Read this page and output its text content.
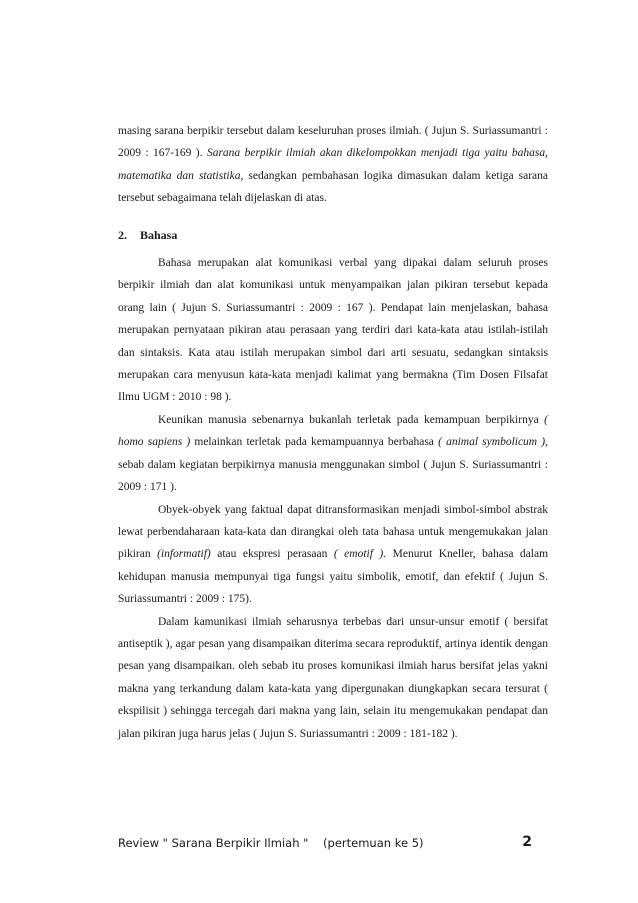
masing sarana berpikir tersebut dalam keseluruhan proses ilmiah. ( Jujun S. Suriassumantri : 2009 : 167-169 ). Sarana berpikir ilmiah akan dikelompokkan menjadi tiga yaitu bahasa, matematika dan statistika, sedangkan pembahasan logika dimasukan dalam ketiga sarana tersebut sebagaimana telah dijelaskan di atas.

2. Bahasa

Bahasa merupakan alat komunikasi verbal yang dipakai dalam seluruh proses berpikir ilmiah dan alat komunikasi untuk menyampaikan jalan pikiran tersebut kepada orang lain ( Jujun S. Suriassumantri : 2009 : 167 ). Pendapat lain menjelaskan, bahasa merupakan pernyataan pikiran atau perasaan yang terdiri dari kata-kata atau istilah-istilah dan sintaksis. Kata atau istilah merupakan simbol dari arti sesuatu, sedangkan sintaksis merupakan cara menyusun kata-kata menjadi kalimat yang bermakna (Tim Dosen Filsafat Ilmu UGM : 2010 : 98 ).

Keunikan manusia sebenarnya bukanlah terletak pada kemampuan berpikirnya ( homo sapiens ) melainkan terletak pada kemampuannya berbahasa ( animal symbolicum ), sebab dalam kegiatan berpikirnya manusia menggunakan simbol ( Jujun S. Suriassumantri : 2009 : 171 ).

Obyek-obyek yang faktual dapat ditransformasikan menjadi simbol-simbol abstrak lewat perbendaharaan kata-kata dan dirangkai oleh tata bahasa untuk mengemukakan jalan pikiran (informatif) atau ekspresi perasaan ( emotif ). Menurut Kneller, bahasa dalam kehidupan manusia mempunyai tiga fungsi yaitu simbolik, emotif, dan efektif ( Jujun S. Suriassumantri : 2009 : 175).

Dalam kamunikasi ilmiah seharusnya terbebas dari unsur-unsur emotif ( bersifat antiseptik ), agar pesan yang disampaikan diterima secara reproduktif, artinya identik dengan pesan yang disampaikan. oleh sebab itu proses komunikasi ilmiah harus bersifat jelas yakni makna yang terkandung dalam kata-kata yang dipergunakan diungkapkan secara tersurat ( ekspilisit ) sehingga tercegah dari makna yang lain, selain itu mengemukakan pendapat dan jalan pikiran juga harus jelas ( Jujun S. Suriassumantri : 2009 : 181-182 ).

Review " Sarana Berpikir Ilmiah "    (pertemuan ke 5)	2
